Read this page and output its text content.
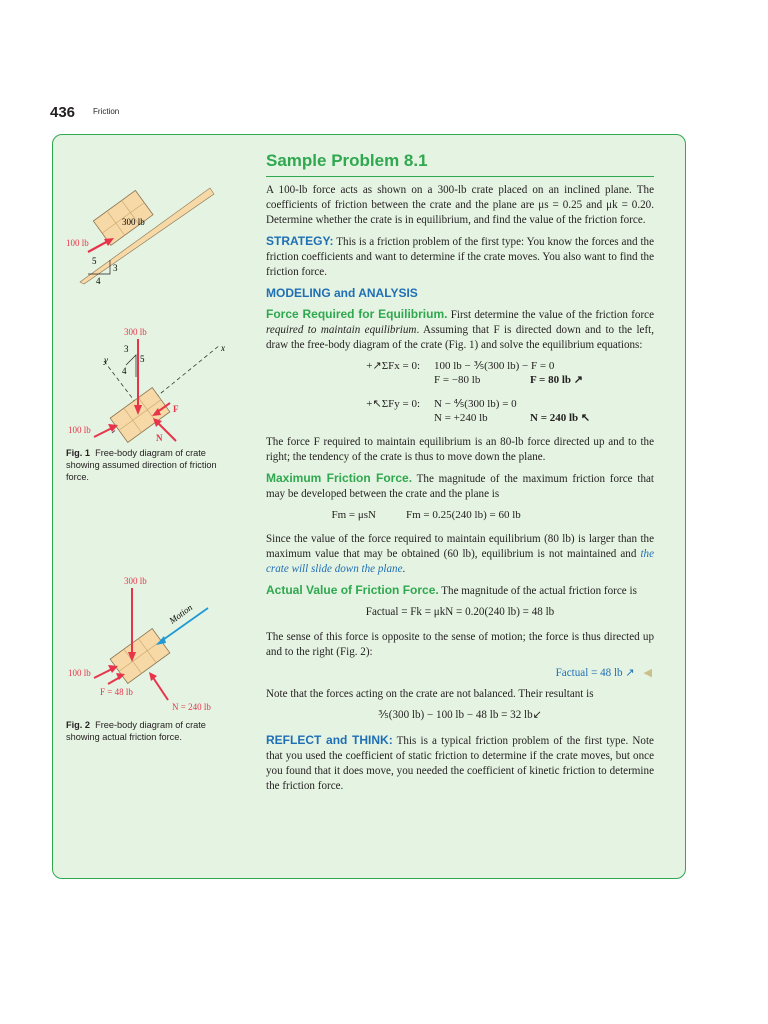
436 Friction
300 lb
100 lb
5
3
4
x
y
3
4
5
300 lb
100 lb
F
N
Fig. 1 Free-body diagram of crate showing assumed direction of friction force.
300 lb
Motion
100 lb
F = 48 lb
N = 240 lb
Fig. 2 Free-body diagram of crate showing actual friction force.
Sample Problem 8.1

A 100-lb force acts as shown on a 300-lb crate placed on an inclined plane. The coefficients of friction between the crate and the plane are μs = 0.25 and μk = 0.20. Determine whether the crate is in equilibrium, and find the value of the friction force.

STRATEGY: This is a friction problem of the first type: You know the forces and the friction coefficients and want to determine if the crate moves. You also want to find the friction force.

MODELING and ANALYSIS

Force Required for Equilibrium. First determine the value of the friction force required to maintain equilibrium. Assuming that F is directed down and to the left, draw the free-body diagram of the crate (Fig. 1) and solve the equilibrium equations:

+↗ΣFx = 0:	100 lb − ⅗(300 lb) − F = 0
F = −80 lb	F = 80 lb ↗
+↖ΣFy = 0:	N − ⅘(300 lb) = 0
N = +240 lb	N = 240 lb ↖

The force F required to maintain equilibrium is an 80-lb force directed up and to the right; the tendency of the crate is thus to move down the plane.

Maximum Friction Force. The magnitude of the maximum friction force that may be developed between the crate and the plane is

Fm = μsN	Fm = 0.25(240 lb) = 60 lb

Since the value of the force required to maintain equilibrium (80 lb) is larger than the maximum value that may be obtained (60 lb), equilibrium is not maintained and the crate will slide down the plane.

Actual Value of Friction Force. The magnitude of the actual friction force is

Factual = Fk = μkN = 0.20(240 lb) = 48 lb

The sense of this force is opposite to the sense of motion; the force is thus directed up and to the right (Fig. 2):

Factual = 48 lb ↗ ◀

Note that the forces acting on the crate are not balanced. Their resultant is

⅗(300 lb) − 100 lb − 48 lb = 32 lb↙

REFLECT and THINK: This is a typical friction problem of the first type. Note that you used the coefficient of static friction to determine if the crate moves, but once you found that it does move, you needed the coefficient of kinetic friction to determine the friction force.
